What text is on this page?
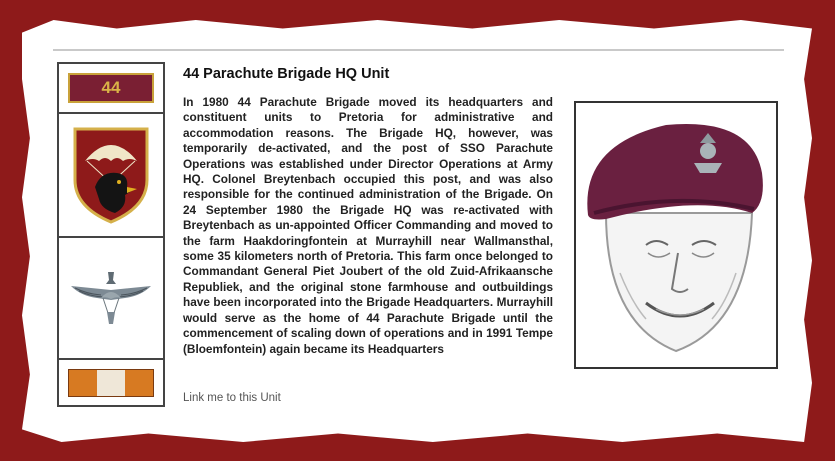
44
44 Parachute Brigade HQ Unit

In 1980 44 Parachute Brigade moved its headquarters and constituent units to Pretoria for administrative and accommodation reasons. The Brigade HQ, however, was temporarily de-activated, and the post of SSO Parachute Operations was established under Director Operations at Army HQ. Colonel Breytenbach occupied this post, and was also responsible for the continued administration of the Brigade. On 24 September 1980 the Brigade HQ was re-activated with Breytenbach as un-appointed Officer Commanding and moved to the farm Haakdoringfontein at Murrayhill near Wallmansthal, some 35 kilometers north of Pretoria. This farm once belonged to Commandant General Piet Joubert of the old Zuid-Afrikaansche Republiek, and the original stone farmhouse and outbuildings have been incorporated into the Brigade Headquarters. Murrayhill would serve as the home of 44 Parachute Brigade until the commencement of scaling down of operations and in 1991 Tempe (Bloemfontein) again became its Headquarters

Link me to this Unit
